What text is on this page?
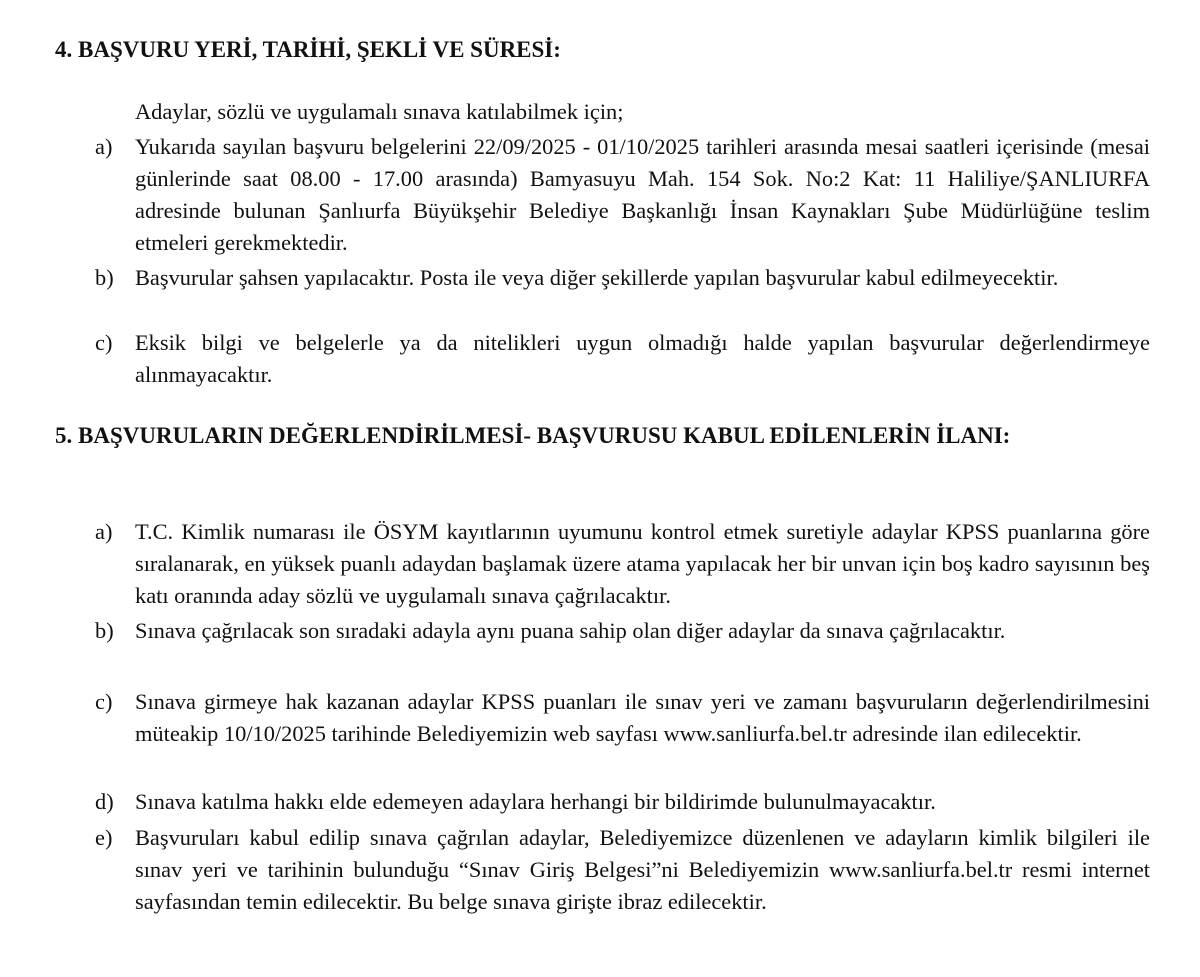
4. BAŞVURU YERİ, TARİHİ, ŞEKLİ VE SÜRESİ:

Adaylar, sözlü ve uygulamalı sınava katılabilmek için;

a)	Yukarıda sayılan başvuru belgelerini 22/09/2025 - 01/10/2025 tarihleri arasında mesai saatleri içerisinde (mesai günlerinde saat 08.00 - 17.00 arasında) Bamyasuyu Mah. 154 Sok. No:2 Kat: 11 Haliliye/ŞANLIURFA adresinde bulunan Şanlıurfa Büyükşehir Belediye Başkanlığı İnsan Kaynakları Şube Müdürlüğüne teslim etmeleri gerekmektedir.
b) Başvurular şahsen yapılacaktır. Posta ile veya diğer şekillerde yapılan başvurular kabul edilmeyecektir.
c)	Eksik bilgi ve belgelerle ya da nitelikleri uygun olmadığı halde yapılan başvurular değerlendirmeye alınmayacaktır.
5. BAŞVURULARIN DEĞERLENDİRİLMESİ- BAŞVURUSU KABUL EDİLENLERİN İLANI:
a)	T.C. Kimlik numarası ile ÖSYM kayıtlarının uyumunu kontrol etmek suretiyle adaylar KPSS puanlarına göre sıralanarak, en yüksek puanlı adaydan başlamak üzere atama yapılacak her bir unvan için boş kadro sayısının beş katı oranında aday sözlü ve uygulamalı sınava çağrılacaktır.
b) Sınava çağrılacak son sıradaki adayla aynı puana sahip olan diğer adaylar da sınava çağrılacaktır.
c)	Sınava girmeye hak kazanan adaylar KPSS puanları ile sınav yeri ve zamanı başvuruların değerlendirilmesini müteakip 10/10/2025 tarihinde Belediyemizin web sayfası www.sanliurfa.bel.tr adresinde ilan edilecektir.
d) Sınava katılma hakkı elde edemeyen adaylara herhangi bir bildirimde bulunulmayacaktır.
e)	Başvuruları kabul edilip sınava çağrılan adaylar, Belediyemizce düzenlenen ve adayların kimlik bilgileri ile sınav yeri ve tarihinin bulunduğu “Sınav Giriş Belgesi”ni Belediyemizin www.sanliurfa.bel.tr resmi internet sayfasından temin edilecektir. Bu belge sınava girişte ibraz edilecektir.
